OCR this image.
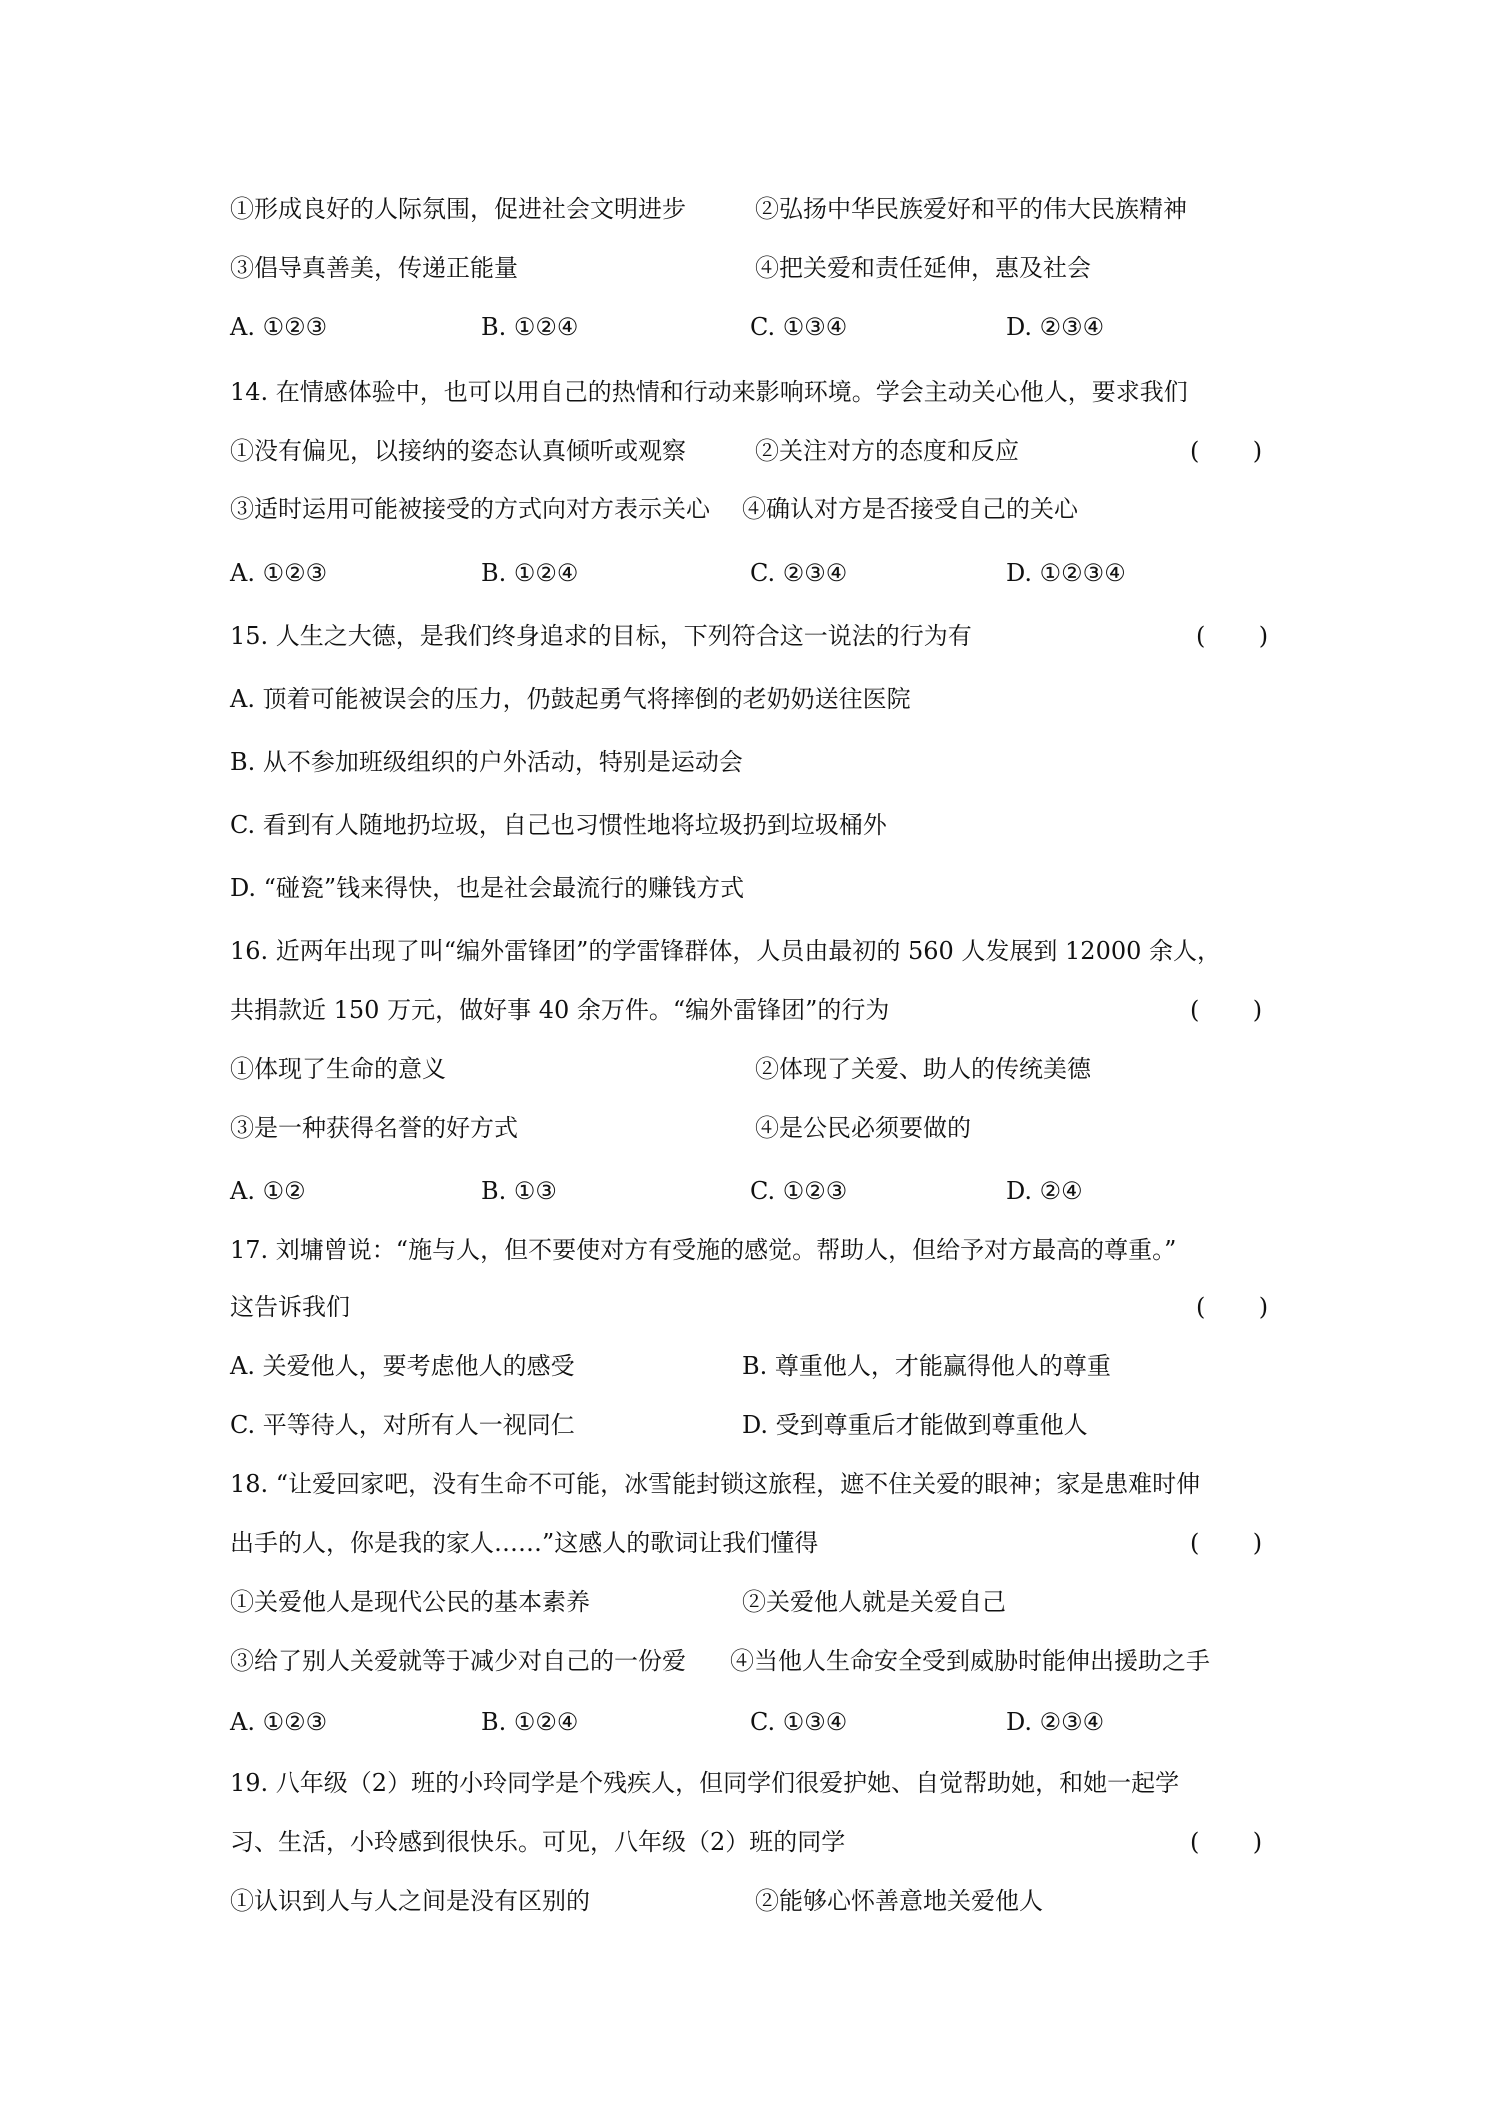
①形成良好的人际氛围，促进社会文明进步	②弘扬中华民族爱好和平的伟大民族精神
③倡导真善美，传递正能量	④把关爱和责任延伸，惠及社会
A. ①②③	B. ①②④	C. ①③④	D. ②③④
14. 在情感体验中，也可以用自己的热情和行动来影响环境。学会主动关心他人，要求我们
①没有偏见，以接纳的姿态认真倾听或观察	②关注对方的态度和反应	(       )
③适时运用可能被接受的方式向对方表示关心 ④确认对方是否接受自己的关心
A. ①②③	B. ①②④	C. ②③④	D. ①②③④
15. 人生之大德，是我们终身追求的目标，下列符合这一说法的行为有	(       )
A. 顶着可能被误会的压力，仍鼓起勇气将摔倒的老奶奶送往医院
B. 从不参加班级组织的户外活动，特别是运动会
C. 看到有人随地扔垃圾，自己也习惯性地将垃圾扔到垃圾桶外
D. “碰瓷”钱来得快，也是社会最流行的赚钱方式
16. 近两年出现了叫“编外雷锋团”的学雷锋群体，人员由最初的 560 人发展到 12000 余人，
共捐款近 150 万元，做好事 40 余万件。“编外雷锋团”的行为	(       )
①体现了生命的意义	②体现了关爱、助人的传统美德
③是一种获得名誉的好方式	④是公民必须要做的
A. ①②	B. ①③	C. ①②③	D. ②④
17. 刘墉曾说：“施与人，但不要使对方有受施的感觉。帮助人，但给予对方最高的尊重。”
这告诉我们	(       )
A. 关爱他人，要考虑他人的感受	B. 尊重他人，才能赢得他人的尊重
C. 平等待人，对所有人一视同仁	D. 受到尊重后才能做到尊重他人
18. “让爱回家吧，没有生命不可能，冰雪能封锁这旅程，遮不住关爱的眼神；家是患难时伸
出手的人，你是我的家人……”这感人的歌词让我们懂得	(       )
①关爱他人是现代公民的基本素养	②关爱他人就是关爱自己
③给了别人关爱就等于减少对自己的一份爱 ④当他人生命安全受到威胁时能伸出援助之手
A. ①②③	B. ①②④	C. ①③④	D. ②③④
19. 八年级（2）班的小玲同学是个残疾人，但同学们很爱护她、自觉帮助她，和她一起学
习、生活，小玲感到很快乐。可见，八年级（2）班的同学	(       )
①认识到人与人之间是没有区别的	②能够心怀善意地关爱他人
